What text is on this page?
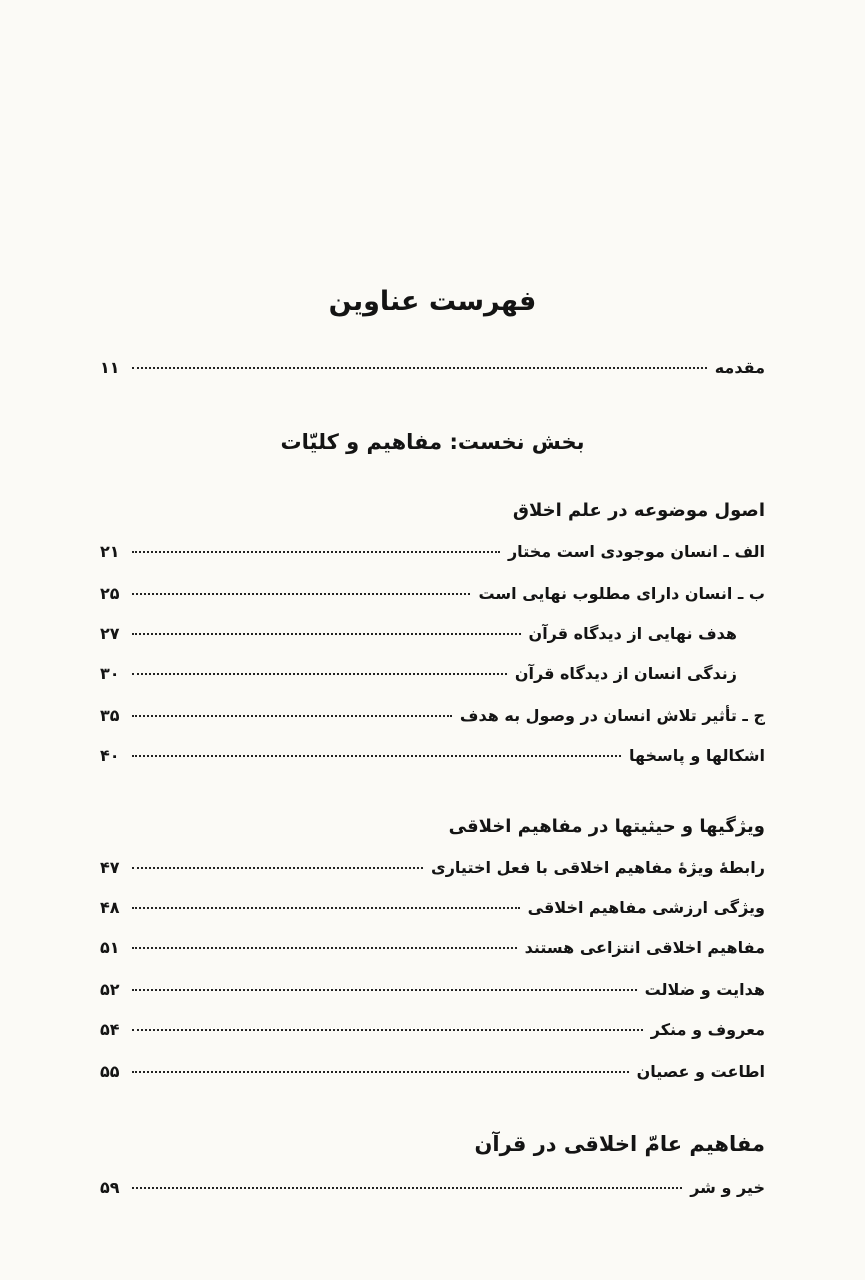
فهرست عناوین
مقدمه
۱۱
بخش نخست: مفاهیم و کلیّات
اصول موضوعه در علم اخلاق
الف ـ انسان موجودی است مختار
۲۱
ب ـ انسان دارای مطلوب نهایی است
۲۵
هدف نهایی از دیدگاه قرآن
۲۷
زندگی انسان از دیدگاه قرآن
۳۰
ج ـ تأثیر تلاش انسان در وصول به هدف
۳۵
اشکالها و پاسخها
۴۰
ویژگیها و حیثیتها در مفاهیم اخلاقی
رابطهٔ ویژهٔ مفاهیم اخلاقی با فعل اختیاری
۴۷
ویژگی ارزشی مفاهیم اخلاقی
۴۸
مفاهیم اخلاقی انتزاعی هستند
۵۱
هدایت و ضلالت
۵۲
معروف و منکر
۵۴
اطاعت و عصیان
۵۵
مفاهیم عامّ اخلاقی در قرآن
خیر و شر
۵۹
